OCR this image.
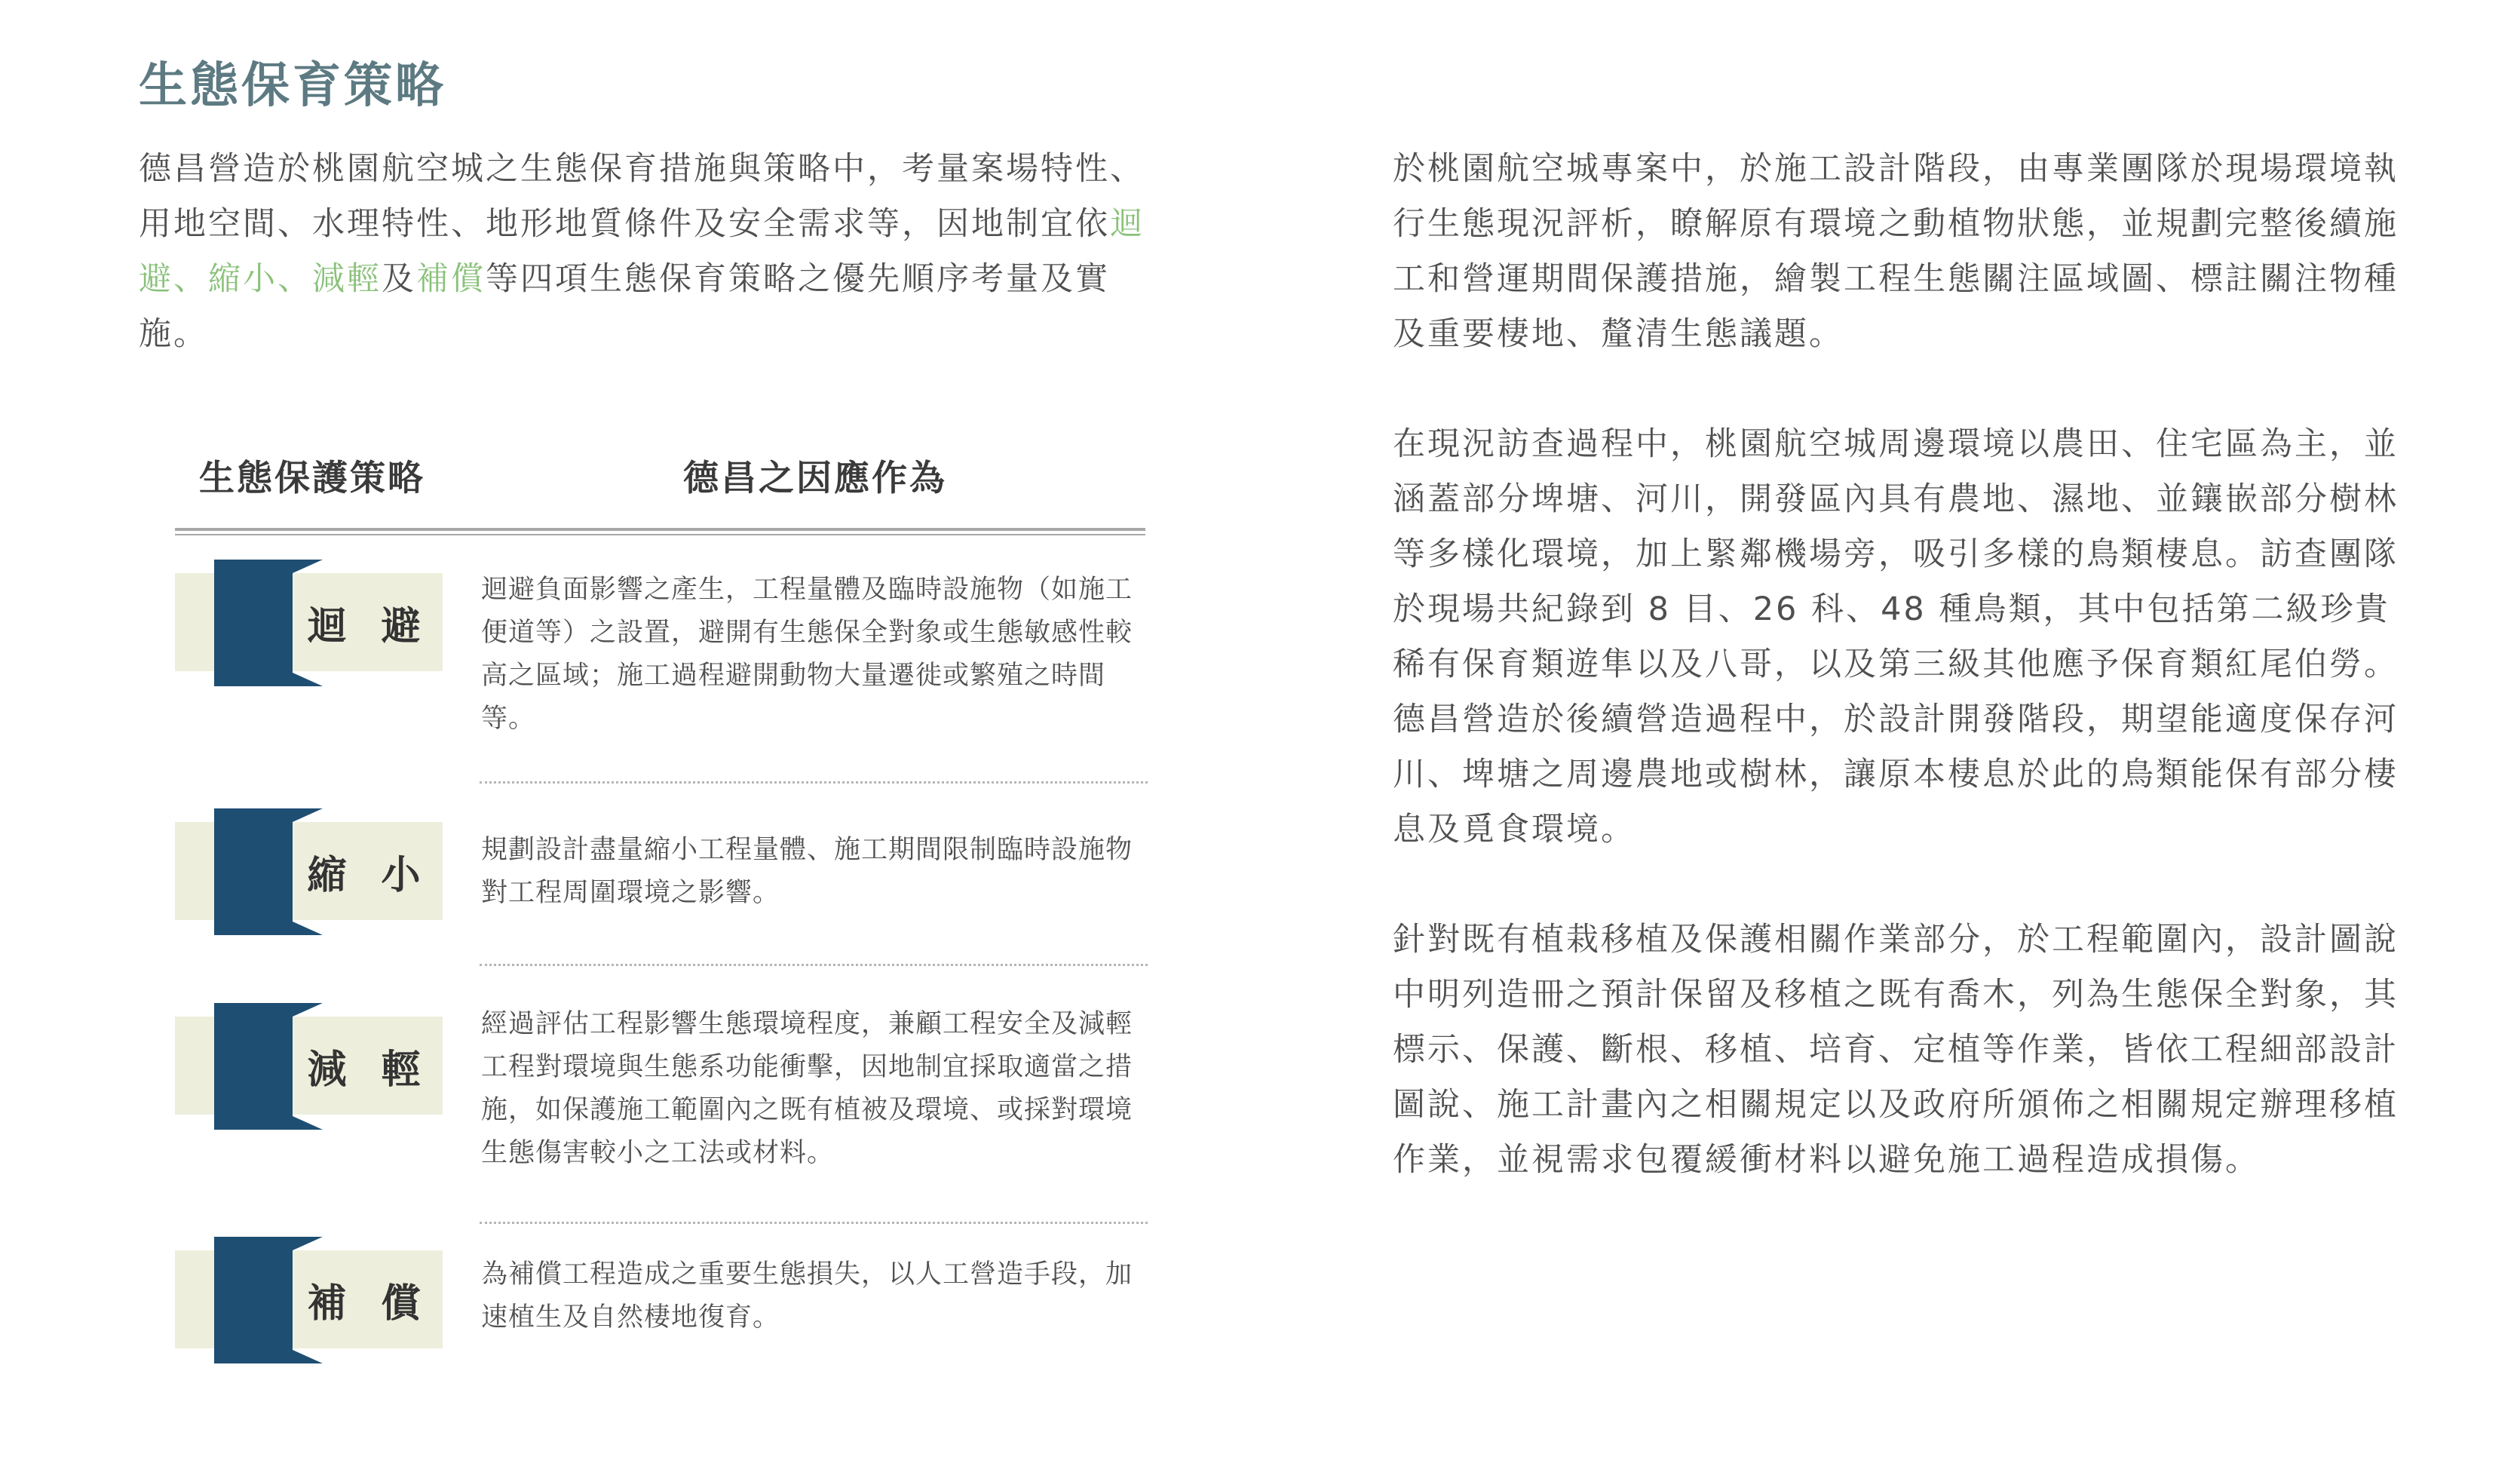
生態保育策略
德昌營造於桃園航空城之生態保育措施與策略中，考量案場特性、用地空間、水理特性、地形地質條件及安全需求等，因地制宜依迴避、縮小、減輕及補償等四項生態保育策略之優先順序考量及實施。
生態保護策略	德昌之因應作為
迴 避
迴避負面影響之產生，工程量體及臨時設施物（如施工便道等）之設置，避開有生態保全對象或生態敏感性較高之區域；施工過程避開動物大量遷徙或繁殖之時間等。
縮 小
規劃設計盡量縮小工程量體、施工期間限制臨時設施物對工程周圍環境之影響。
減 輕
經過評估工程影響生態環境程度，兼顧工程安全及減輕工程對環境與生態系功能衝擊，因地制宜採取適當之措施，如保護施工範圍內之既有植被及環境、或採對環境生態傷害較小之工法或材料。
補 償
為補償工程造成之重要生態損失，以人工營造手段，加速植生及自然棲地復育。

於桃園航空城專案中，於施工設計階段，由專業團隊於現場環境執行生態現況評析，瞭解原有環境之動植物狀態，並規劃完整後續施工和營運期間保護措施，繪製工程生態關注區域圖、標註關注物種及重要棲地、釐清生態議題。

在現況訪查過程中，桃園航空城周邊環境以農田、住宅區為主，並涵蓋部分埤塘、河川，開發區內具有農地、濕地、並鑲嵌部分樹林等多樣化環境，加上緊鄰機場旁，吸引多樣的鳥類棲息。訪查團隊於現場共紀錄到 8 目、26 科、48 種鳥類，其中包括第二級珍貴稀有保育類遊隼以及八哥，以及第三級其他應予保育類紅尾伯勞。德昌營造於後續營造過程中，於設計開發階段，期望能適度保存河川、埤塘之周邊農地或樹林，讓原本棲息於此的鳥類能保有部分棲息及覓食環境。

針對既有植栽移植及保護相關作業部分，於工程範圍內，設計圖說中明列造冊之預計保留及移植之既有喬木，列為生態保全對象，其標示、保護、斷根、移植、培育、定植等作業，皆依工程細部設計圖說、施工計畫內之相關規定以及政府所頒佈之相關規定辦理移植作業，並視需求包覆緩衝材料以避免施工過程造成損傷。
